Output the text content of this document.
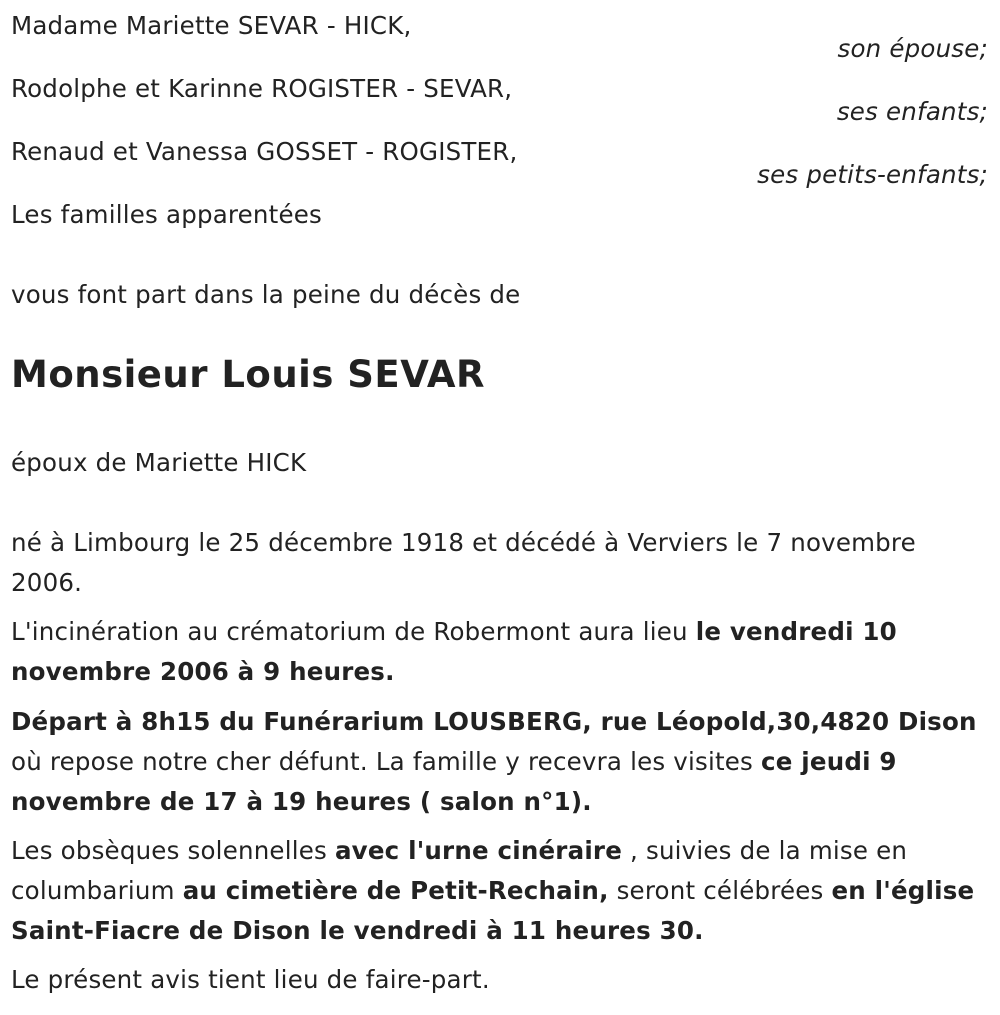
Madame Mariette SEVAR - HICK,
son épouse;
Rodolphe et Karinne ROGISTER - SEVAR,
ses enfants;
Renaud et Vanessa GOSSET - ROGISTER,
ses petits-enfants;
Les familles apparentées
vous font part dans la peine du décès de
Monsieur Louis SEVAR
époux de Mariette HICK
né à Limbourg le 25 décembre 1918 et décédé à Verviers le 7 novembre 2006.
L'incinération au crématorium de Robermont aura lieu le vendredi 10 novembre 2006 à 9 heures.
Départ à 8h15 du Funérarium LOUSBERG, rue Léopold,30,4820 Dison où repose notre cher défunt. La famille y recevra les visites ce jeudi 9 novembre de 17 à 19 heures ( salon n°1).
Les obsèques solennelles avec l'urne cinéraire , suivies de la mise en columbarium au cimetière de Petit-Rechain, seront célébrées en l'église Saint-Fiacre de Dison le vendredi à 11 heures 30.
Le présent avis tient lieu de faire-part.
